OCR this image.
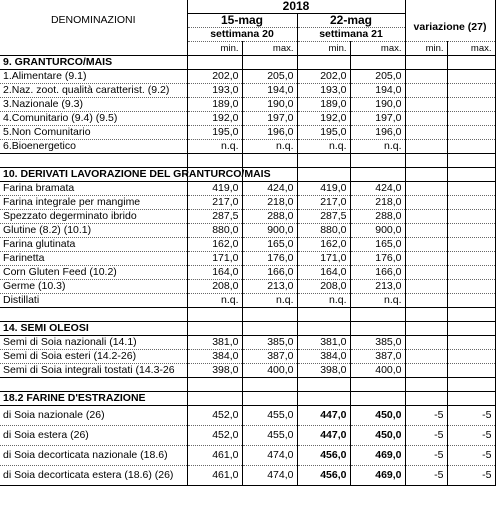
DENOMINAZIONI	2018					
	15-mag		22-mag		variazione (27)	
	settimana 20		settimana 21			
	min.	max.	min.	max.	min.	max.
9. GRANTURCO/MAIS						
1.Alimentare (9.1)	202,0	205,0	202,0	205,0		
2.Naz. zoot. qualità caratterist. (9.2)	193,0	194,0	193,0	194,0		
3.Nazionale (9.3)	189,0	190,0	189,0	190,0		
4.Comunitario (9.4) (9.5)	192,0	197,0	192,0	197,0		
5.Non Comunitario	195,0	196,0	195,0	196,0		
6.Bioenergetico	n.q.	n.q.	n.q.	n.q.		

10. DERIVATI LAVORAZIONE DEL GRANTURCO/MAIS						
Farina bramata	419,0	424,0	419,0	424,0		
Farina integrale per mangime	217,0	218,0	217,0	218,0		
Spezzato degerminato ibrido	287,5	288,0	287,5	288,0		
Glutine (8.2) (10.1)	880,0	900,0	880,0	900,0		
Farina glutinata	162,0	165,0	162,0	165,0		
Farinetta	171,0	176,0	171,0	176,0		
Corn Gluten Feed (10.2)	164,0	166,0	164,0	166,0		
Germe (10.3)	208,0	213,0	208,0	213,0		
Distillati	n.q.	n.q.	n.q.	n.q.		

14. SEMI OLEOSI						
Semi di Soia nazionali (14.1)	381,0	385,0	381,0	385,0		
Semi di Soia esteri (14.2-26)	384,0	387,0	384,0	387,0		
Semi di Soia integrali tostati (14.3-26	398,0	400,0	398,0	400,0		

18.2 FARINE D'ESTRAZIONE						
di Soia nazionale (26)	452,0	455,0	447,0	450,0	-5	-5
di Soia estera (26)	452,0	455,0	447,0	450,0	-5	-5
di Soia decorticata nazionale (18.6)	461,0	474,0	456,0	469,0	-5	-5
di Soia decorticata estera (18.6) (26)	461,0	474,0	456,0	469,0	-5	-5
